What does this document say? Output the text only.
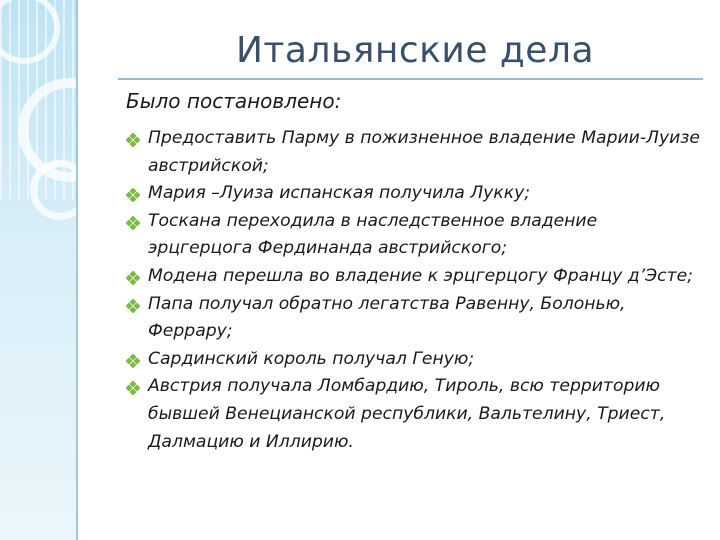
Итальянские дела
Было постановлено:
Предоставить Парму в пожизненное владение Марии-Луизе австрийской;
Мария –Луиза испанская получила Лукку;
Тоскана переходила в наследственное владение эрцгерцога Фердинанда австрийского;
Модена перешла во владение к эрцгерцогу Францу д’Эсте;
Папа получал обратно легатства Равенну, Болонью, Феррару;
Сардинский король получал Геную;
Австрия получала Ломбардию, Тироль, всю территорию бывшей Венецианской республики, Вальтелину, Триест, Далмацию и Иллирию.
